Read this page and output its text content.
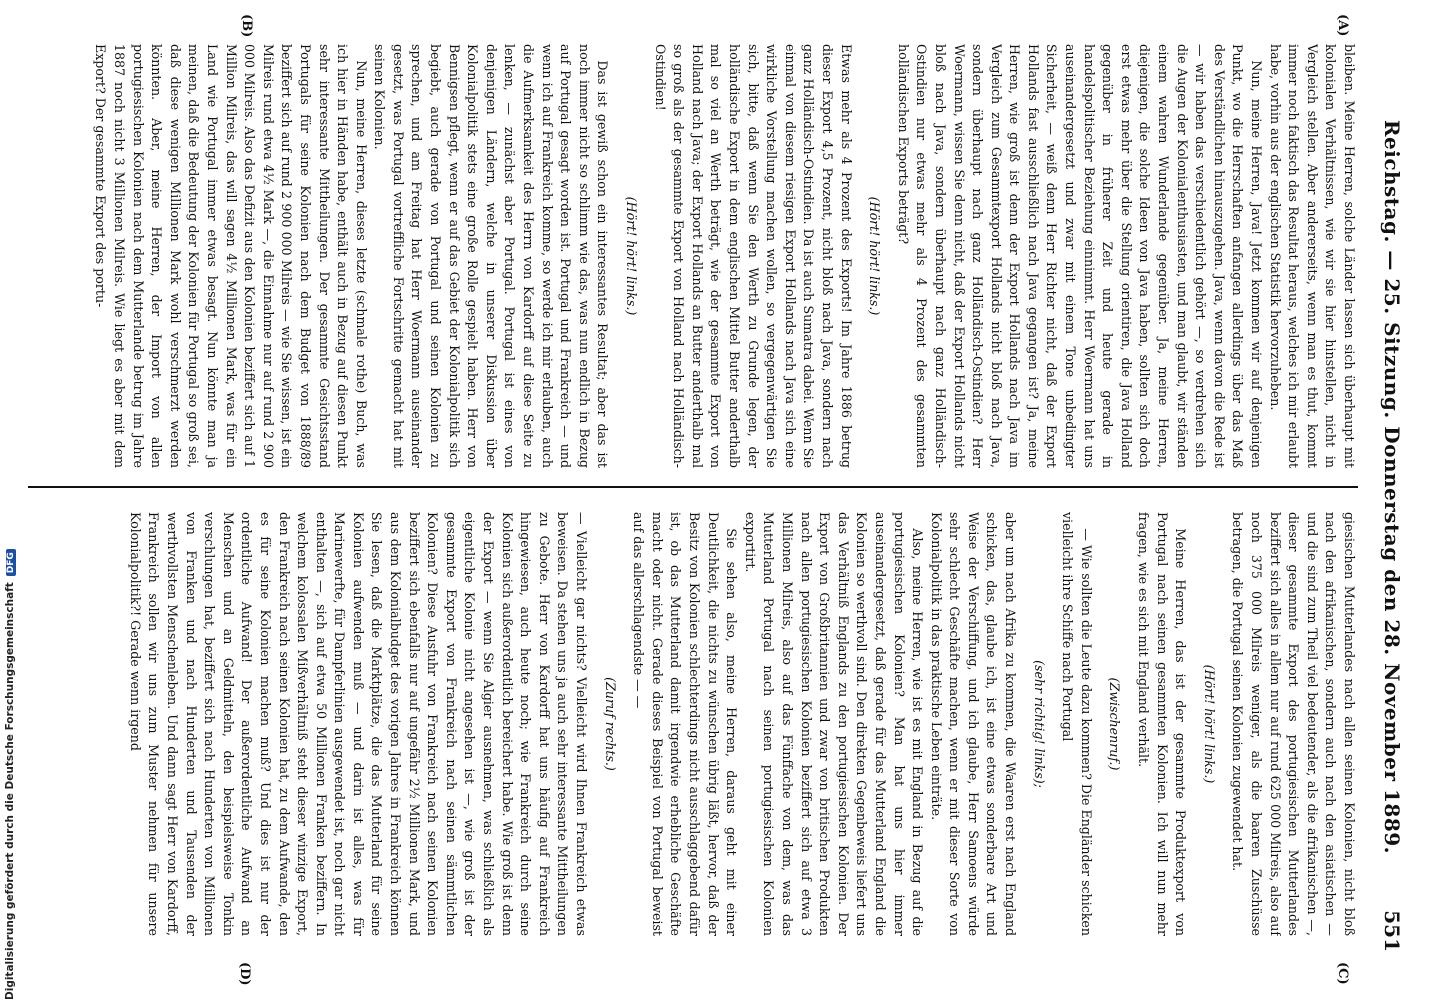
Reichstag. — 25. Sitzung. Donnerstag den 28. November 1889.
551
(A)
(B)
(C)
(D)

bleiben. Meine Herren, solche Länder lassen sich überhaupt mit kolonialen Verhältnissen, wie wir sie hier hinstellen, nicht in Vergleich stellen. Aber andererseits, wenn man es thut, kommt immer noch faktisch das Resultat heraus, welches ich mir erlaubt habe, vorhin aus der englischen Statistik hervorzuheben.

Nun, meine Herren, Java! Jetzt kommen wir auf denjenigen Punkt, wo die Herrschaften anfangen allerdings über das Maß des Verständlichen hinauszugehen. Java, wenn davon die Rede ist — wir haben das verschiedentlich gehört —, so verdrehen sich die Augen der Kolonialenthusiasten, und man glaubt, wir ständen einem wahren Wunderlande gegenüber. Ja, meine Herren, diejenigen, die solche Ideen von Java haben, sollten sich doch erst etwas mehr über die Stellung orientiren, die Java Holland gegenüber in früherer Zeit und heute gerade in handelspolitischer Beziehung einnimmt. Herr Woermann hat uns auseinandergesetzt und zwar mit einem Tone unbedingter Sicherheit, — weiß denn Herr Richter nicht, daß der Export Hollands fast ausschließlich nach Java gegangen ist? Ja, meine Herren, wie groß ist denn der Export Hollands nach Java im Vergleich zum Gesammtexport Hollands nicht bloß nach Java, sondern überhaupt nach ganz Holländisch-Ostindien? Herr Woermann, wissen Sie denn nicht, daß der Export Hollands nicht bloß nach Java, sondern überhaupt nach ganz Holländisch-Ostindien nur etwas mehr als 4 Prozent des gesammten holländischen Exports beträgt?

(Hört! hört! links.)

Etwas mehr als 4 Prozent des Exports! Im Jahre 1886 betrug dieser Export 4,5 Prozent, nicht bloß nach Java, sondern nach ganz Holländisch-Ostindien. Da ist auch Sumatra dabei. Wenn Sie einmal von diesem riesigen Export Hollands nach Java sich eine wirkliche Vorstellung machen wollen, so vergegenwärtigen Sie sich, bitte, daß wenn Sie den Werth zu Grunde legen, der holländische Export in dem englischen Mittel Butter anderthalb mal so viel an Werth beträgt, wie der gesammte Export von Holland nach Java; der Export Hollands an Butter anderthalb mal so groß als der gesammte Export von Holland nach Holländisch-Ostindien!

(Hört! hört! links.)

Das ist gewiß schon ein interessantes Resultat; aber das ist noch immer nicht so schlimm wie das, was nun endlich in Bezug auf Portugal gesagt worden ist. Portugal und Frankreich — und wenn ich auf Frankreich komme, so werde ich mir erlauben, auch die Aufmerksamkeit des Herrn von Kardorff auf diese Seite zu lenken, — zunächst aber Portugal. Portugal ist eines von denjenigen Ländern, welche in unserer Diskussion über Kolonialpolitik stets eine große Rolle gespielt haben. Herr von Bennigsen pflegt, wenn er auf das Gebiet der Kolonialpolitik sich begiebt, auch gerade von Portugal und seinen Kolonien zu sprechen, und am Freitag hat Herr Woermann auseinander gesetzt, was Portugal vortreffliche Fortschritte gemacht hat mit seinen Kolonien.

Nun, meine Herren, dieses letzte (schmale rothe) Buch, was ich hier in Händen habe, enthält auch in Bezug auf diesen Punkt sehr interessante Mittheilungen. Der gesammte Gesichtsstand Portugals für seine Kolonien nach dem Budget von 1888/89 beziffert sich auf rund 2 900 000 Milreis — wie Sie wissen, ist ein Milreis rund etwa 4½ Mark —, die Einnahme nur auf rund 2 900 000 Milreis. Also das Defizit aus den Kolonien beziffert sich auf 1 Million Milreis, das will sagen 4½ Millionen Mark, was für ein Land wie Portugal immer etwas besagt. Nun könnte man ja meinen, daß die Bedeutung der Kolonien für Portugal so groß sei, daß diese wenigen Millionen Mark wohl verschmerzt werden könnten. Aber, meine Herren, der Import von allen portugiesischen Kolonien nach dem Mutterlande betrug im Jahre 1887 noch nicht 3 Millionen Milreis. Wie liegt es aber mit dem Export? Der gesammte Export des portu-

giesischen Mutterlandes nach allen seinen Kolonien, nicht bloß nach den afrikanischen, sondern auch nach den asiatischen — und die sind zum Theil viel bedeutender, als die afrikanischen —, dieser gesammte Export des portugiesischen Mutterlandes beziffert sich alles in allem nur auf rund 625 000 Milreis, also auf noch 375 000 Milreis weniger, als die baaren Zuschüsse betragen, die Portugal seinen Kolonien zugewendet hat.

(Hört! hört! links.)

Meine Herren, das ist der gesammte Produktexport von Portugal nach seinen gesammten Kolonien. Ich will nun mehr fragen, wie es sich mit England verhält.

(Zwischenruf.)

— Wie sollten die Leute dazu kommen? Die Engländer schicken vielleicht ihre Schiffe nach Portugal

(sehr richtig! links);

aber um nach Afrika zu kommen, die Waaren erst nach England schicken, das, glaube ich, ist eine etwas sonderbare Art und Weise der Verschiffung, und ich glaube, Herr Samoens würde sehr schlecht Geschäfte machen, wenn er mit dieser Sorte von Kolonialpolitik in das praktische Leben einträte.

Also, meine Herren, wie ist es mit England in Bezug auf die portugiesischen Kolonien? Man hat uns hier immer auseinandergesetzt, daß gerade für das Mutterland England die Kolonien so werthvoll sind. Den direkten Gegenbeweis liefert uns das Verhältniß Englands zu den portugiesischen Kolonien. Der Export von Großbritannien und zwar von britischen Produkten nach allen portugiesischen Kolonien beziffert sich auf etwa 3 Millionen Milreis, also auf das Fünffache von dem, was das Mutterland Portugal nach seinen portugiesischen Kolonien exportirt.

Sie sehen also, meine Herren, daraus geht mit einer Deutlichkeit, die nichts zu wünschen übrig läßt, hervor, daß der Besitz von Kolonien schlechterdings nicht ausschlaggebend dafür ist, ob das Mutterland damit irgendwie erhebliche Geschäfte macht oder nicht. Gerade dieses Beispiel von Portugal beweist auf das allerschlagendste — —

(Zuruf rechts.)

— Vielleicht gar nichts? Vielleicht wird Ihnen Frankreich etwas beweisen. Da stehen uns ja auch sehr interessante Mittheilungen zu Gebote. Herr von Kardorff hat uns häufig auf Frankreich hingewiesen, auch heute noch; wie Frankreich durch seine Kolonien sich außerordentlich bereichert habe. Wie groß ist denn der Export — wenn Sie Algier ausnehmen, was schließlich als eigentliche Kolonie nicht angesehen ist —, wie groß ist der gesammte Export von Frankreich nach seinen sämmtlichen Kolonien? Diese Ausfuhr von Frankreich nach seinen Kolonien beziffert sich ebenfalls nur auf ungefähr 2½ Millionen Mark, und aus dem Kolonialbudget des vorigen Jahres in Frankreich können Sie lesen, daß die Marktplätze, die das Mutterland für seine Kolonien aufwenden muß — und darin ist alles, was für Marinewerfte, für Dampferlinien ausgewendet ist, noch gar nicht enthalten —, sich auf etwa 50 Millionen Franken beziffern. In welchem kolossalen Mißverhältniß steht dieser winzige Export, den Frankreich nach seinen Kolonien hat, zu dem Aufwande, den es für seine Kolonien machen muß? Und dies ist nur der ordentliche Aufwand! Der außerordentliche Aufwand an Menschen und an Geldmitteln, den beispielsweise Tonkin verschlungen hat, beziffert sich nach Hunderten von Millionen von Franken und nach Hunderten und Tausenden der werthvollsten Menschenleben. Und dann sagt Herr von Kardorff, Frankreich sollen wir uns zum Muster nehmen für unsere Kolonialpolitik?! Gerade wenn irgend

Digitalisierung gefördert durch die Deutsche ForschungsgemeinschaftDFG
